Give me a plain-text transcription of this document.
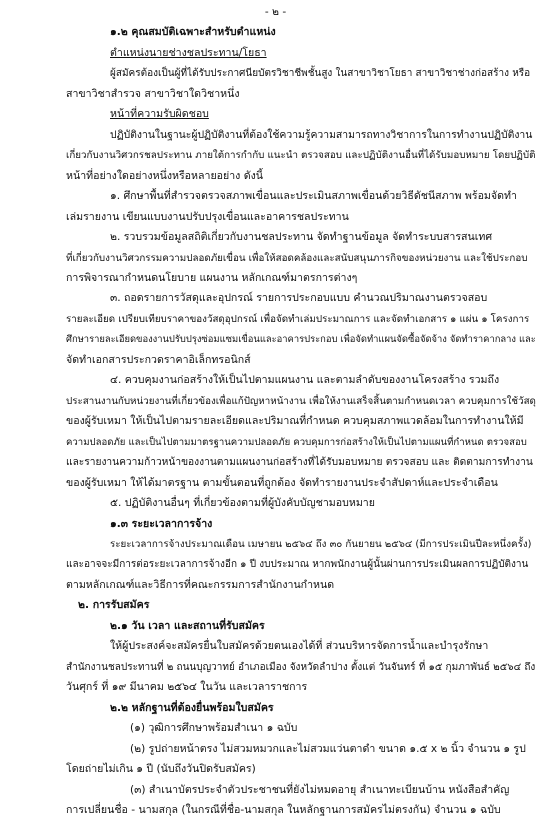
- ๒ -
๑.๒ คุณสมบัติเฉพาะสำหรับตำแหน่ง
ตำแหน่งนายช่างชลประทาน/โยธา
ผู้สมัครต้องเป็นผู้ที่ได้รับประกาศนียบัตรวิชาชีพชั้นสูง ในสาขาวิชาโยธา สาขาวิชาช่างก่อสร้าง หรือ
สาขาวิชาสำรวจ สาขาวิชาใดวิชาหนึ่ง
หน้าที่ความรับผิดชอบ
ปฏิบัติงานในฐานะผู้ปฏิบัติงานที่ต้องใช้ความรู้ความสามารถทางวิชาการในการทำงานปฏิบัติงาน
เกี่ยวกับงานวิศวกรชลประทาน ภายใต้การกำกับ แนะนำ ตรวจสอบ และปฏิบัติงานอื่นที่ได้รับมอบหมาย โดยปฏิบัติ
หน้าที่อย่างใดอย่างหนึ่งหรือหลายอย่าง ดังนี้
๑. ศึกษาพื้นที่สำรวจตรวจสภาพเขื่อนและประเมินสภาพเขื่อนด้วยวิธีดัชนีสภาพ พร้อมจัดทำ
เล่มรายงาน เขียนแบบงานปรับปรุงเขื่อนและอาคารชลประทาน
๒. รวบรวมข้อมูลสถิติเกี่ยวกับงานชลประทาน จัดทำฐานข้อมูล จัดทำระบบสารสนเทศ
ที่เกี่ยวกับงานวิศวกรรมความปลอดภัยเขื่อน เพื่อให้สอดคล้องและสนับสนุนภารกิจของหน่วยงาน และใช้ประกอบ
การพิจารณากำหนดนโยบาย แผนงาน หลักเกณฑ์มาตรการต่างๆ
๓. ถอดรายการวัสดุและอุปกรณ์ รายการประกอบแบบ คำนวณปริมาณงานตรวจสอบ
รายละเอียด เปรียบเทียบราคาของวัสดุอุปกรณ์ เพื่อจัดทำเล่มประมาณการ และจัดทำเอกสาร ๑ แผ่น ๑ โครงการ
ศึกษารายละเอียดของงานปรับปรุงซ่อมแซมเขื่อนและอาคารประกอบ เพื่อจัดทำแผนจัดซื้อจัดจ้าง จัดทำราคากลาง และ
จัดทำเอกสารประกวดราคาอิเล็กทรอนิกส์
๔. ควบคุมงานก่อสร้างให้เป็นไปตามแผนงาน และตามลำดับของงานโครงสร้าง รวมถึง
ประสานงานกับหน่วยงานที่เกี่ยวข้องเพื่อแก้ปัญหาหน้างาน เพื่อให้งานเสร็จสิ้นตามกำหนดเวลา ควบคุมการใช้วัสดุ
ของผู้รับเหมา ให้เป็นไปตามรายละเอียดและปริมาณที่กำหนด ควบคุมสภาพแวดล้อมในการทำงานให้มี
ความปลอดภัย และเป็นไปตามมาตรฐานความปลอดภัย ควบคุมการก่อสร้างให้เป็นไปตามแผนที่กำหนด ตรวจสอบ
และรายงานความก้าวหน้าของงานตามแผนงานก่อสร้างที่ได้รับมอบหมาย ตรวจสอบ และ ติดตามการทำงาน
ของผู้รับเหมา ให้ได้มาตรฐาน ตามขั้นตอนที่ถูกต้อง จัดทำรายงานประจำสัปดาห์และประจำเดือน
๕. ปฏิบัติงานอื่นๆ ที่เกี่ยวข้องตามที่ผู้บังคับบัญชามอบหมาย
๑.๓ ระยะเวลาการจ้าง
ระยะเวลาการจ้างประมาณเดือน เมษายน ๒๕๖๔ ถึง ๓๐ กันยายน ๒๕๖๔ (มีการประเมินปีละหนึ่งครั้ง)
และอาจจะมีการต่อระยะเวลาการจ้างอีก ๑ ปี งบประมาณ หากพนักงานผู้นั้นผ่านการประเมินผลการปฏิบัติงาน
ตามหลักเกณฑ์และวิธีการที่คณะกรรมการสำนักงานกำหนด
๒. การรับสมัคร
๒.๑ วัน เวลา และสถานที่รับสมัคร
ให้ผู้ประสงค์จะสมัครยื่นใบสมัครด้วยตนเองได้ที่ ส่วนบริหารจัดการน้ำและบำรุงรักษา
สำนักงานชลประทานที่ ๒ ถนนบุญวาทย์ อำเภอเมือง จังหวัดลำปาง ตั้งแต่ วันจันทร์ ที่ ๑๕ กุมภาพันธ์ ๒๕๖๔ ถึง
วันศุกร์ ที่ ๑๙ มีนาคม ๒๕๖๔ ในวัน และเวลาราชการ
๒.๒ หลักฐานที่ต้องยื่นพร้อมใบสมัคร
(๑) วุฒิการศึกษาพร้อมสำเนา ๑ ฉบับ
(๒) รูปถ่ายหน้าตรง ไม่สวมหมวกและไม่สวมแว่นตาดำ ขนาด ๑.๕ x ๒ นิ้ว จำนวน ๑ รูป
โดยถ่ายไม่เกิน ๑ ปี (นับถึงวันปิดรับสมัคร)
(๓) สำเนาบัตรประจำตัวประชาชนที่ยังไม่หมดอายุ สำเนาทะเบียนบ้าน หนังสือสำคัญ
การเปลี่ยนชื่อ - นามสกุล (ในกรณีที่ชื่อ-นามสกุล ในหลักฐานการสมัครไม่ตรงกัน) จำนวน ๑ ฉบับ
